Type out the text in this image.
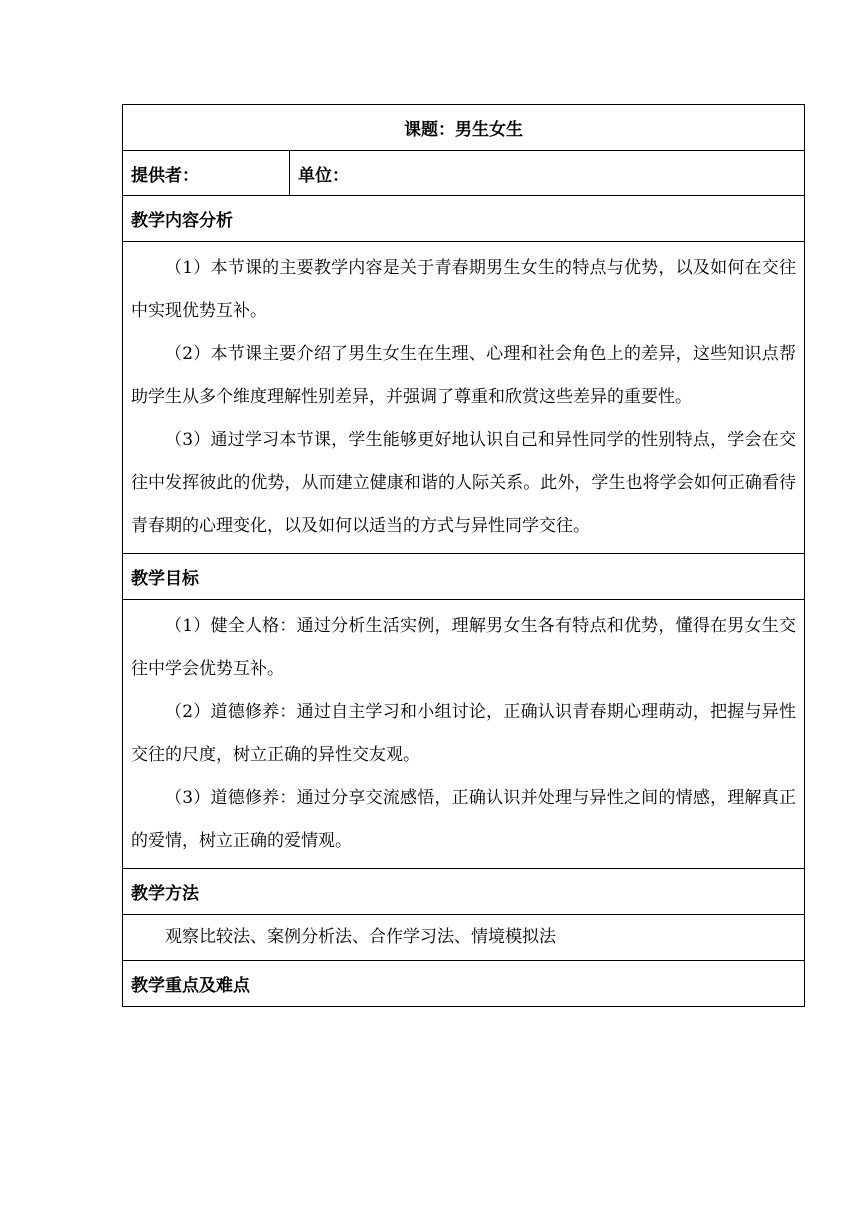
课题：男生女生
提供者：	单位：
教学内容分析

（1）本节课的主要教学内容是关于青春期男生女生的特点与优势，以及如何在交往中实现优势互补。

（2）本节课主要介绍了男生女生在生理、心理和社会角色上的差异，这些知识点帮助学生从多个维度理解性别差异，并强调了尊重和欣赏这些差异的重要性。

（3）通过学习本节课，学生能够更好地认识自己和异性同学的性别特点，学会在交往中发挥彼此的优势，从而建立健康和谐的人际关系。此外，学生也将学会如何正确看待青春期的心理变化，以及如何以适当的方式与异性同学交往。

教学目标

（1）健全人格：通过分析生活实例，理解男女生各有特点和优势，懂得在男女生交往中学会优势互补。

（2）道德修养：通过自主学习和小组讨论，正确认识青春期心理萌动，把握与异性交往的尺度，树立正确的异性交友观。

（3）道德修养：通过分享交流感悟，正确认识并处理与异性之间的情感，理解真正的爱情，树立正确的爱情观。

教学方法

观察比较法、案例分析法、合作学习法、情境模拟法

教学重点及难点
